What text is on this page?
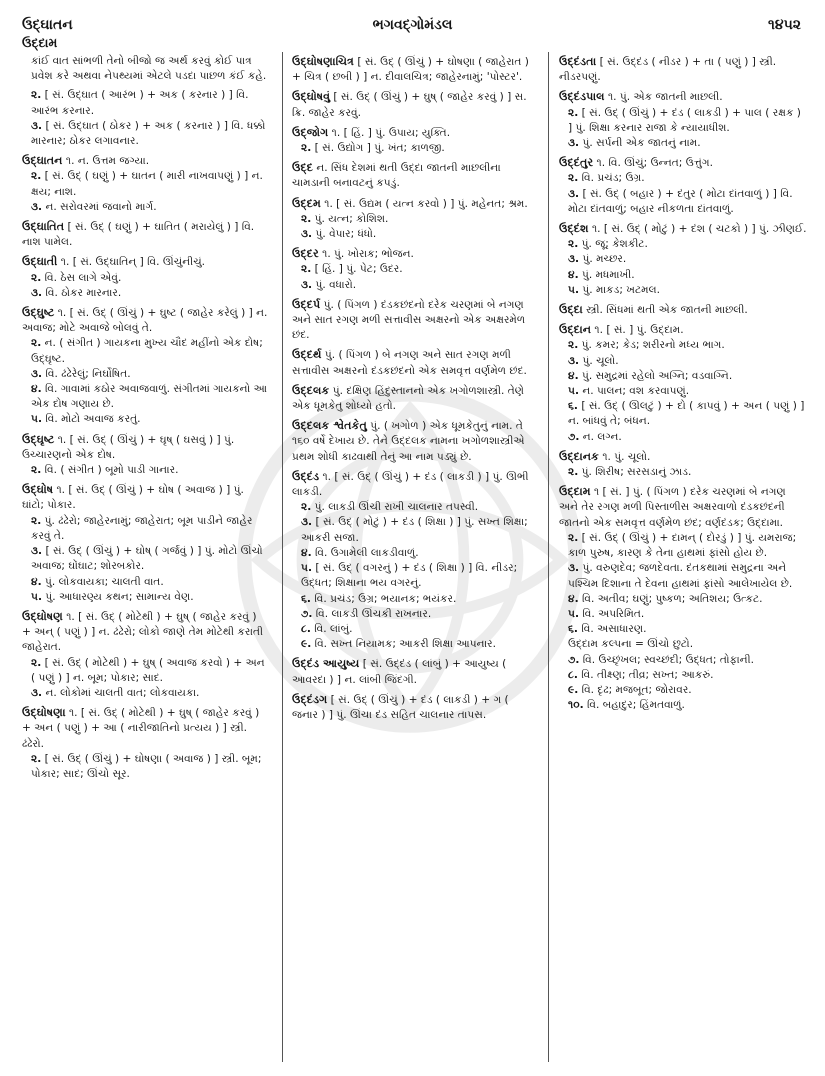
ઉદ્ઘાતન	ભગવદ્ગોમંડલ	૧૪૫૨
ઉદ્દામ
કાંઈ વાત સાંભળી તેનો બીજો જ અર્થ કરવું કોઈ પાત્ર પ્રવેશ કરે અથવા નેપથ્યમાં એટલે પડદા પાછળ કંઈ કહે.
૨. [ સં. ઉદ્ઘાત ( આરંભ ) + અક ( કરનાર ) ] વિ. આરંભ કરનાર.
૩. [ સં. ઉદ્ઘાત ( ઠોકર ) + અક ( કરનાર ) ] વિ. ધક્કો મારનાર; ઠોકર લગાવનાર.
ઉદ્ઘાતન ૧. ન. ઉત્તમ જગ્યા.
૨. [ સં. ઉદ્ ( ઘણું ) + ઘાતન ( મારી નાખવાપણું ) ] ન. ક્ષય; નાશ.
૩. ન. સરોવરમાં જવાનો માર્ગ.
ઉદ્ઘાતિત [ સં. ઉદ્ ( ઘણું ) + ઘાતિત ( મરાયેલું ) ] વિ. નાશ પામેલ.
ઉદ્ઘાતી ૧. [ સં. ઉદ્ઘાતિન્ ] વિ. ઊંચુંનીચું.
૨. વિ. ઠેસ લાગે એવું.
૩. વિ. ઠોકર મારનાર.
ઉદ્ઘુષ્ટ ૧. [ સં. ઉદ્ ( ઊંચું ) + ઘુષ્ટ ( જાહેર કરેલું ) ] ન. અવાજ; મોટે અવાજે બોલવું તે.
૨. ન. ( સંગીત ) ગાયકના મુખ્ય ચૌદ મહીંનો એક દોષ; ઉદ્ઘૃષ્ટ.
૩. વિ. ઢંઢેરેલું; નિર્ઘોષિત.
૪. વિ. ગાવામાં કઠોર અવાજવાળું. સંગીતમાં ગાયકનો આ એક દોષ ગણાય છે.
૫. વિ. મોટો અવાજ કરતું.
ઉદ્ઘૃષ્ટ ૧. [ સં. ઉદ્ ( ઊંચું ) + ઘૃષ્ ( ઘસવું ) ] પું. ઉચ્ચારણનો એક દોષ.
૨. વિ. ( સંગીત ) બૂમો પાડી ગાનાર.
ઉદ્ઘોષ ૧. [ સં. ઉદ્ ( ઊંચું ) + ઘોષ ( અવાજ ) ] પું. ઘાંટો; પોકાર.
૨. પું. ઢંઢેરો; જાહેરનામું; જાહેરાત; બૂમ પાડીને જાહેર કરવું તે.
૩. [ સં. ઉદ્ ( ઊંચું ) + ઘોષ્ ( ગર્જવું ) ] પું. મોટો ઊંચો અવાજ; ઘોંઘાટ; શોરબકોર.
૪. પું. લોકવાયકા; ચાલતી વાત.
૫. પું. આધારણ્ય કથન; સામાન્ય વેણ.
ઉદ્ઘોષણ ૧. [ સં. ઉદ્ ( મોટેથી ) + ઘુષ્ ( જાહેર કરવું ) + અન્ ( પણું ) ] ન. ઢંઢેરો; લોકો જાણે તેમ મોટેથી કરાતી જાહેરાત.
૨. [ સં. ઉદ્ ( મોટેથી ) + ઘુષ્ ( અવાજ કરવો ) + અન ( પણું ) ] ન. બૂમ; પોકાર; સાદ.
૩. ન. લોકોમાં ચાલતી વાત; લોકવાયકા.
ઉદ્ઘોષણા ૧. [ સં. ઉદ્ ( મોટેથી ) + ઘુષ્ ( જાહેર કરવું ) + અન ( પણું ) + આ ( નારીજાતિનો પ્રત્યય ) ] સ્ત્રી. ઢંઢેરો.
૨. [ સં. ઉદ્ ( ઊંચું ) + ઘોષણા ( અવાજ ) ] સ્ત્રી. બૂમ; પોકાર; સાદ; ઊંચો સૂર.
ઉદ્ઘોષણાચિત્ર [ સં. ઉદ્ ( ઊંચું ) + ઘોષણા ( જાહેરાત ) + ચિત્ર ( છબી ) ] ન. દીવાલચિત્ર; જાહેરનામું; 'પોસ્ટર'.
ઉદ્ઘોષવું [ સં. ઉદ્ ( ઊંચું ) + ઘુષ્ ( જાહેર કરવું ) ] સ. ક્રિ. જાહેર કરવું.
ઉદ્જોગ ૧. [ હિં. ] પું. ઉપાય; યુક્તિ.
૨. [ સં. ઉદ્યોગ ] પું. ખંત; કાળજી.
ઉદ્દ ન. સિંધ દેશમાં થતી ઉદ્દા જાતની માછલીના ચામડાની બનાવટનું કપડું.
ઉદ્દમ ૧. [ સં. ઉદ્યમ ( યત્ન કરવો ) ] પું. મહેનત; શ્રમ.
૨. પું. યત્ન; કોશિશ.
૩. પું. વેપાર; ધંધો.
ઉદ્દર ૧. પું. ખોરાક; ભોજન.
૨. [ હિં. ] પું. પેટ; ઉદર.
૩. પું. વધારો.
ઉદ્દર્પ પું. ( પિંગળ ) દંડકછંદનો દરેક ચરણમાં બે નગણ અને સાત રગણ મળી સત્તાવીસ અક્ષરનો એક અક્ષરમેળ છંદ.
ઉદ્દર્થ પું. ( પિંગળ ) બે નગણ અને સાત રગણ મળી સત્તાવીસ અક્ષરનો દંડકછંદનો એક સમવૃત્ત વર્ણમેળ છંદ.
ઉદ્દલક પું. દક્ષિણ હિંદુસ્તાનનો એક ખગોળશાસ્ત્રી. તેણે એક ધૂમકેતુ શોધ્યો હતો.
ઉદ્દલક શ્વેતકેતુ પું. ( ખગોળ ) એક ધૂમકેતુનું નામ. તે ૧૬૦ વર્ષે દેખાય છે. તેને ઉદ્દલક નામના ખગોળશાસ્ત્રીએ પ્રથમ શોધી કાઢવાથી તેનું આ નામ પડ્યું છે.
ઉદ્દંડ ૧. [ સં. ઉદ્ ( ઊંચું ) + દંડ ( લાકડી ) ] પું. ઊભી લાકડી.
૨. પું. લાકડી ઊંચી રાખી ચાલનાર તપસ્વી.
૩. [ સં. ઉદ્ ( મોટું ) + દંડ ( શિક્ષા ) ] પું. સખ્ત શિક્ષા; આકરી સજા.
૪. વિ. ઉગામેલી લાકડીવાળું.
૫. [ સં. ઉદ્ ( વગરનું ) + દંડ ( શિક્ષા ) ] વિ. નીડર; ઉદ્ધત; શિક્ષાના ભય વગરનું.
૬. વિ. પ્રચંડ; ઉગ્ર; ભયાનક; ભયંકર.
૭. વિ. લાકડી ઊંચકી રાખનાર.
૮. વિ. લાંબું.
૯. વિ. સખ્ત નિયામક; આકરી શિક્ષા આપનાર.
ઉદ્દંડ આયુષ્ય [ સં. ઉદ્દંડ ( લાંબું ) + આયુષ્ય ( આવરદા ) ] ન. લાંબી જિંદગી.
ઉદ્દંડગ [ સં. ઉદ્ ( ઊંચું ) + દંડ ( લાકડી ) + ગ ( જનાર ) ] પું. ઊંચા દંડ સહિત ચાલનાર તાપસ.
ઉદ્દંડતા [ સં. ઉદ્દંડ ( નીડર ) + તા ( પણું ) ] સ્ત્રી. નીડરપણું.
ઉદ્દંડપાલ ૧. પું. એક જાતની માછલી.
૨. [ સં. ઉદ્ ( ઊંચું ) + દંડ ( લાકડી ) + પાલ ( રક્ષક ) ] પું. શિક્ષા કરનાર રાજા કે ન્યાયાધીશ.
૩. પું. સર્પની એક જાતનું નામ.
ઉદ્દંતુર ૧. વિ. ઊંચું; ઉન્નત; ઉત્તુંગ.
૨. વિ. પ્રચંડ; ઉગ્ર.
૩. [ સં. ઉદ્ ( બહાર ) + દંતુર ( મોટા દાંતવાળું ) ] વિ. મોટા દાંતવાળું; બહાર નીકળતા દાંતવાળું.
ઉદ્દંશ ૧. [ સં. ઉદ્ ( મોટું ) + દંશ ( ચટકો ) ] પું. ઝીણઈ.
૨. પું. જૂ; કેશકીટ.
૩. પું. મચ્છર.
૪. પું. મધમાખી.
૫. પું. માકડ; ખટમલ.
ઉદ્દા સ્ત્રી. સિંધમાં થતી એક જાતની માછલી.
ઉદ્દાન ૧. [ સં. ] પું. ઉદ્દામ.
૨. પું. કમર; કેડ; શરીરનો મધ્ય ભાગ.
૩. પું. ચૂલો.
૪. પું. સમુદ્રમાં રહેલો અગ્નિ; વડવાગ્નિ.
૫. ન. પાલન; વશ કરવાપણું.
૬. [ સં. ઉદ્ ( ઊલટું ) + દો ( કાપવું ) + અન ( પણું ) ] ન. બાંધવું તે; બંધન.
૭. ન. લગ્ન.
ઉદ્દાનક ૧. પું. ચૂલો.
૨. પું. શિરીષ; સરસડાનું ઝાડ.
ઉદ્દામ ૧ [ સં. ] પું. ( પિંગળ ) દરેક ચરણમાં બે નગણ અને તેર રગણ મળી પિસ્તાળીસ અક્ષરવાળો દંડકછંદની જાતનો એક સમવૃત્ત વર્ણમેળ છંદ; વર્ણદંડક; ઉદ્દામા.
૨. [ સં. ઉદ્ ( ઊંચું ) + દામન્ ( દોરડું ) ] પું. યમરાજ; કાળ પુરુષ, કારણ કે તેના હાથમાં ફાંસો હોય છે.
૩. પું. વરુણદેવ; જળદેવતા. દંતકથામાં સમુદ્રના અને પશ્ચિમ દિશાના તે દેવના હાથમાં ફાંસો આલેખાયેલ છે.
૪. વિ. અતીવ; ઘણું; પુષ્કળ; અતિશય; ઉત્કટ.
૫. વિ. અપરિમિત.
૬. વિ. અસાધારણ.
ઉદ્દામ કલ્પના = ઊંચો છુટો.
૭. વિ. ઉચ્છૃંખલ; સ્વચ્છંદી; ઉદ્ધત; તોફાની.
૮. વિ. તીક્ષ્ણ; તીવ્ર; સખ્ત; આકરું.
૯. વિ. દૃઢ; મજબૂત; જોરાવર.
૧૦. વિ. બહાદુર; હિંમતવાળું.
